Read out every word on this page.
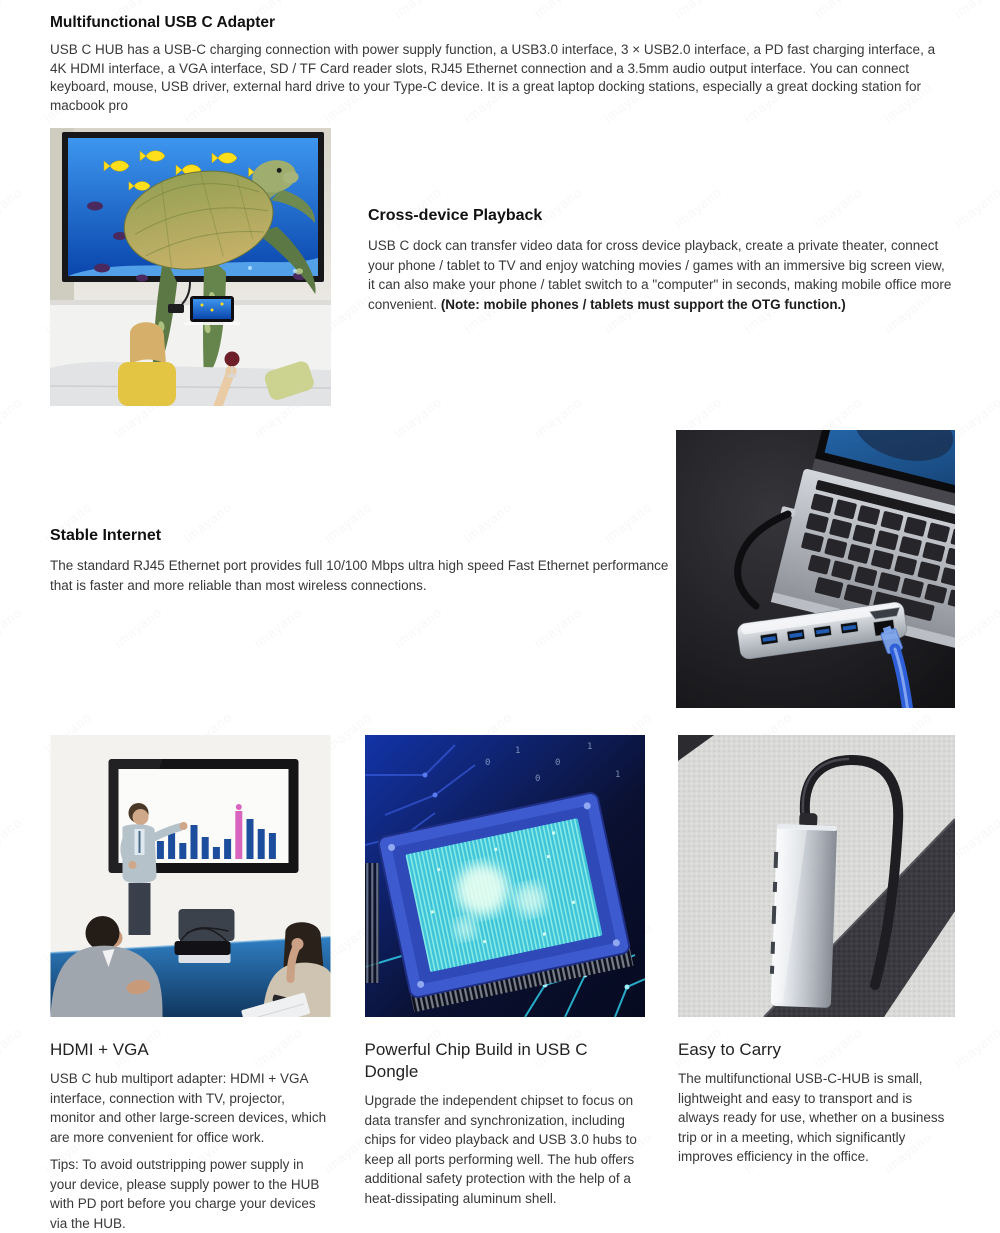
Multifunctional USB C Adapter

USB C HUB has a USB-C charging connection with power supply function, a USB3.0 interface, 3 × USB2.0 interface, a PD fast charging interface, a 4K HDMI interface, a VGA interface, SD / TF Card reader slots, RJ45 Ethernet connection and a 3.5mm audio output interface. You can connect keyboard, mouse, USB driver, external hard drive to your Type-C device. It is a great laptop docking stations, especially a great docking station for macbook pro

Cross-device Playback

USB C dock can transfer video data for cross device playback, create a private theater, connect your phone / tablet to TV and enjoy watching movies / games with an immersive big screen view, it can also make your phone / tablet switch to a "computer" in seconds, making mobile office more convenient. (Note: mobile phones / tablets must support the OTG function.)

Stable Internet

The standard RJ45 Ethernet port provides full 10/100 Mbps ultra high speed Fast Ethernet performance that is faster and more reliable than most wireless connections.

HDMI + VGA

USB C hub multiport adapter: HDMI + VGA interface, connection with TV, projector, monitor and other large-screen devices, which are more convenient for office work.

Tips: To avoid outstripping power supply in your device, please supply power to the HUB with PD port before you charge your devices via the HUB.

1
0
1
0
1
0
Powerful Chip Build in USB C Dongle

Upgrade the independent chipset to focus on data transfer and synchronization, including chips for video playback and USB 3.0 hubs to keep all ports performing well. The hub offers additional safety protection with the help of a heat-dissipating aluminum shell.

Easy to Carry

The multifunctional USB-C-HUB is small, lightweight and easy to transport and is always ready for use, whether on a business trip or in a meeting, which significantly improves efficiency in the office.
